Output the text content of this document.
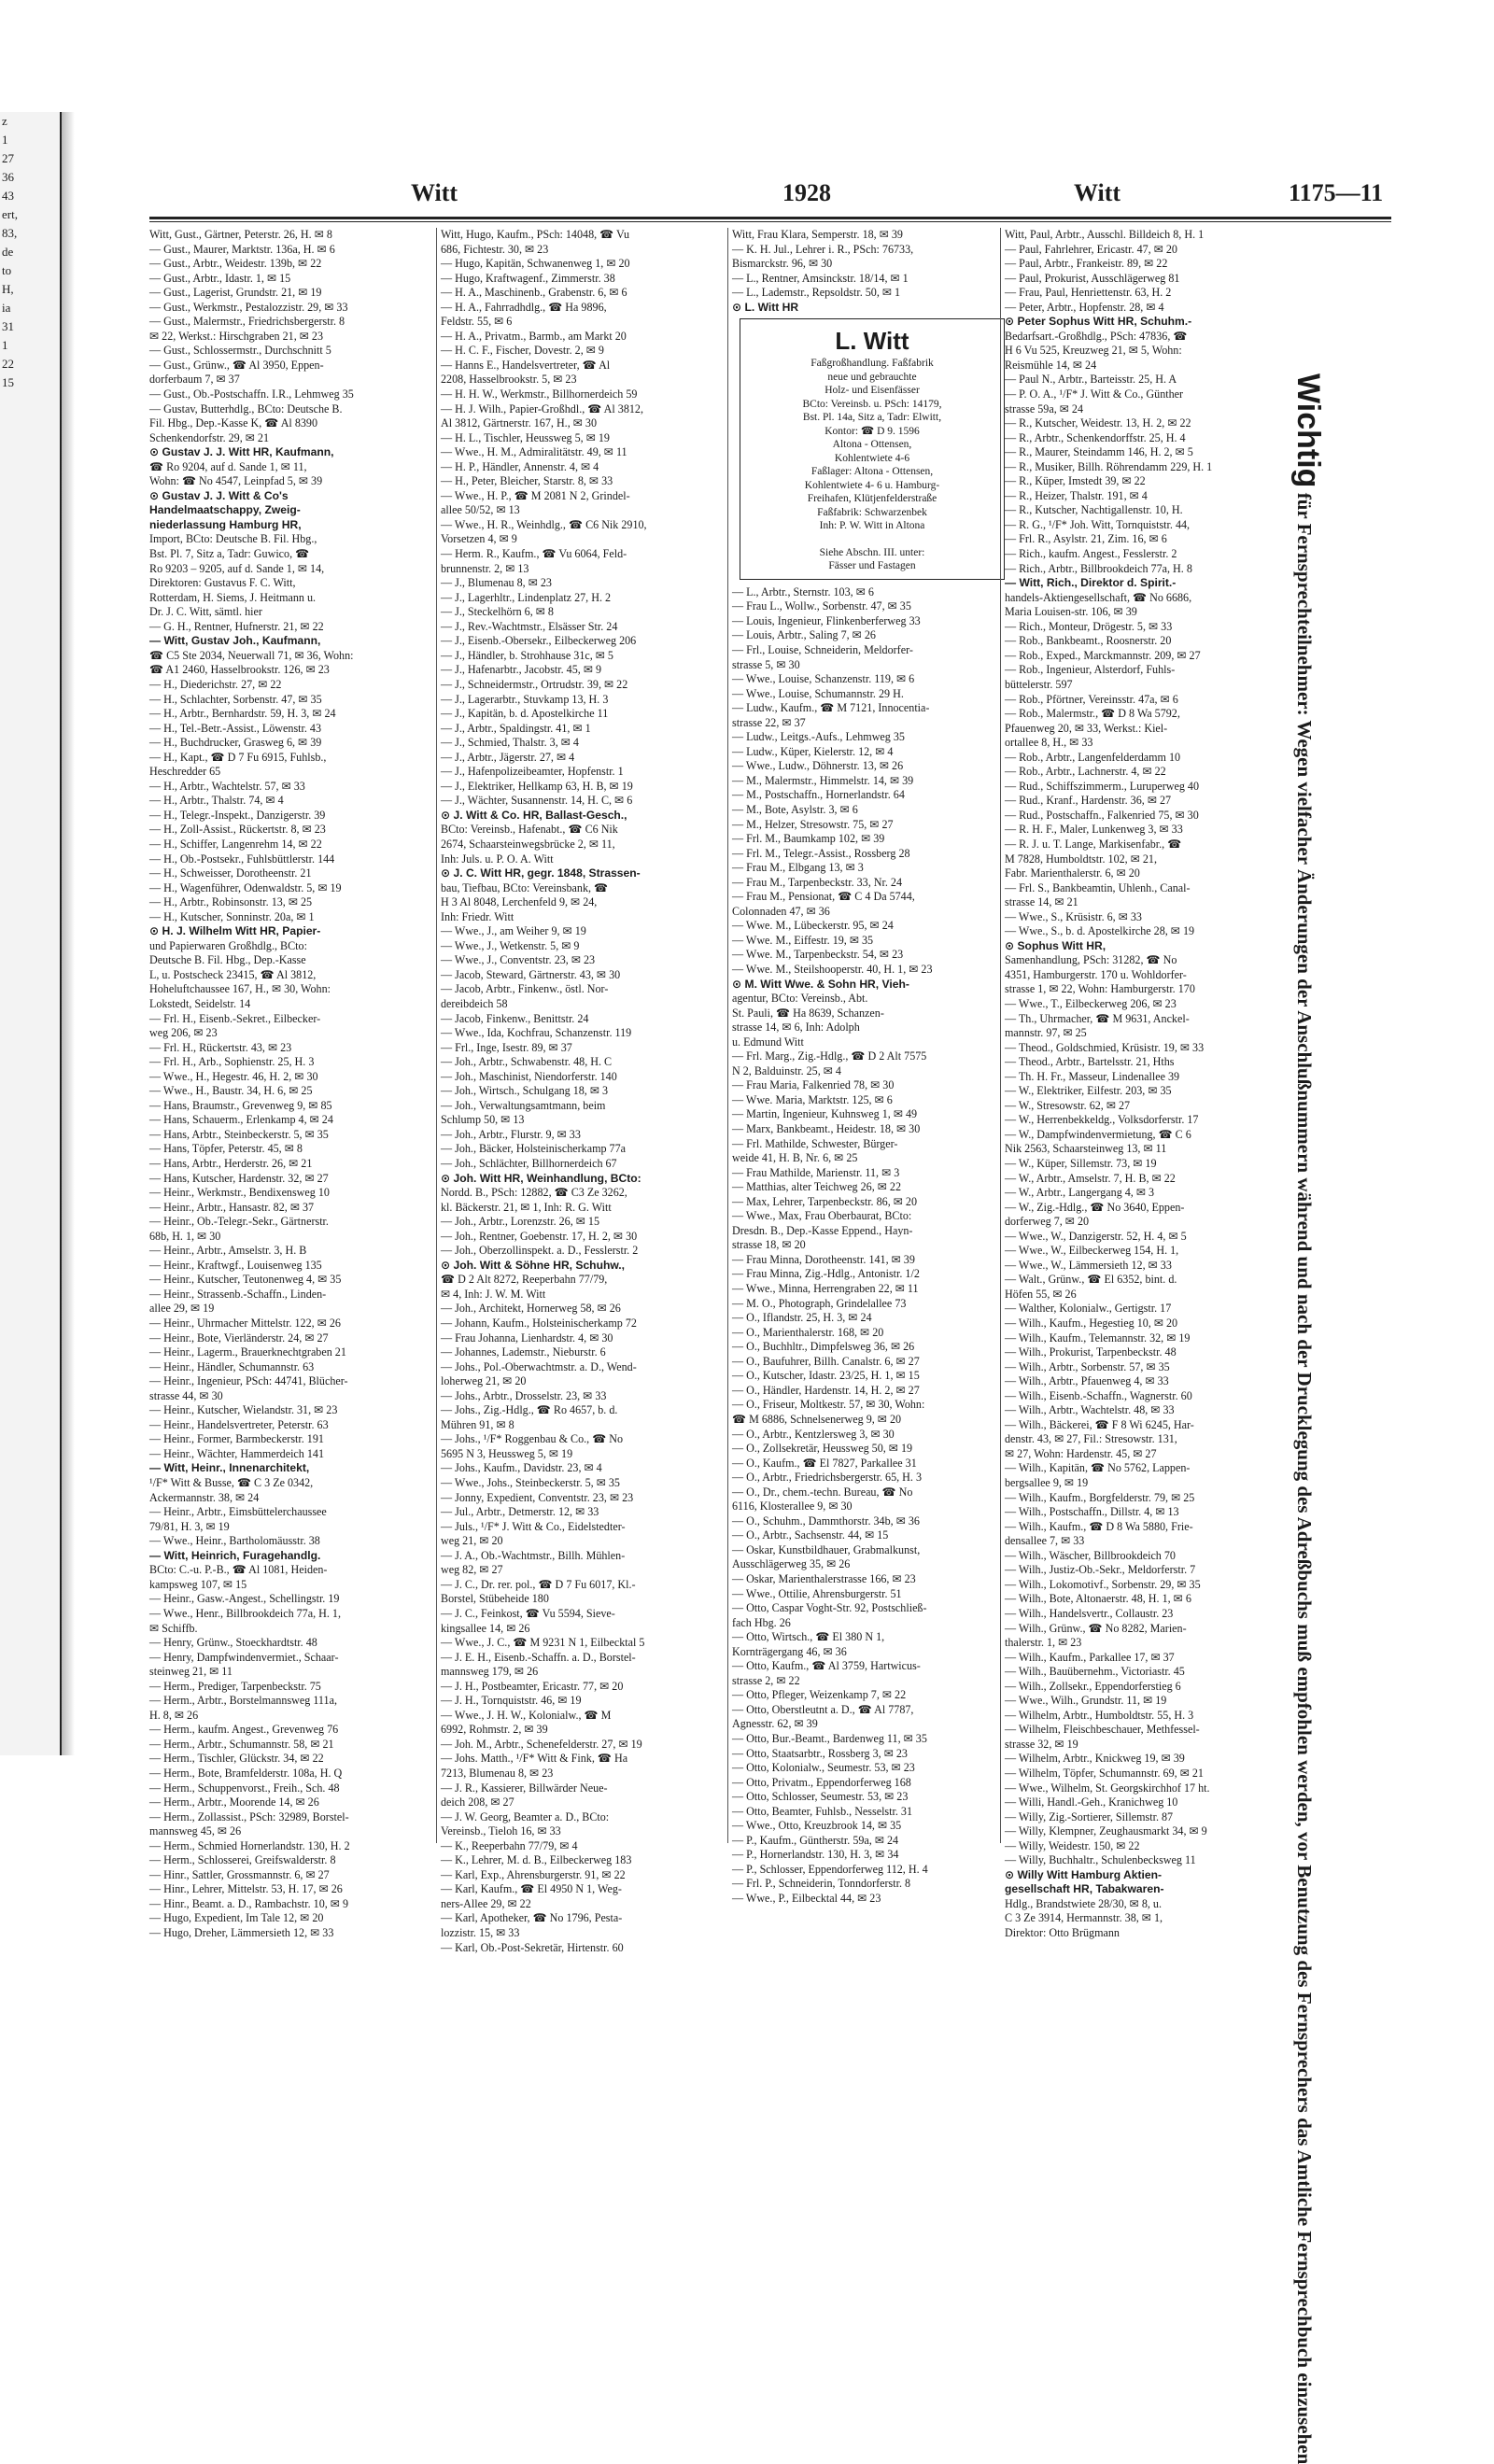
z
1
27
36
43
ert,
83,
de
to
H,
ia
31
1
22
15
Witt	1928	Witt	1175—11
Witt, Gust., Gärtner, Peterstr. 26, H. ✉ 8
— Gust., Maurer, Marktstr. 136a, H. ✉ 6
— Gust., Arbtr., Weidestr. 139b, ✉ 22
— Gust., Arbtr., Idastr. 1, ✉ 15
— Gust., Lagerist, Grundstr. 21, ✉ 19
— Gust., Werkmstr., Pestalozzistr. 29, ✉ 33
— Gust., Malermstr., Friedrichsbergerstr. 8
✉ 22, Werkst.: Hirschgraben 21, ✉ 23
— Gust., Schlossermstr., Durchschnitt 5
— Gust., Grünw., ☎ Al 3950, Eppen-
dorferbaum 7, ✉ 37
— Gust., Ob.-Postschaffn. I.R., Lehmweg 35
— Gustav, Butterhdlg., BCto: Deutsche B.
Fil. Hbg., Dep.-Kasse K, ☎ Al 8390
Schenkendorfstr. 29, ✉ 21
⊙ Gustav J. J. Witt HR, Kaufmann,
☎ Ro 9204, auf d. Sande 1, ✉ 11,
Wohn: ☎ No 4547, Leinpfad 5, ✉ 39
⊙ Gustav J. J. Witt & Co's
Handelmaatschappy, Zweig-
niederlassung Hamburg HR,
Import, BCto: Deutsche B. Fil. Hbg.,
Bst. Pl. 7, Sitz a, Tadr: Guwico, ☎
Ro 9203 – 9205, auf d. Sande 1, ✉ 14,
Direktoren: Gustavus F. C. Witt,
Rotterdam, H. Siems, J. Heitmann u.
Dr. J. C. Witt, sämtl. hier
— G. H., Rentner, Hufnerstr. 21, ✉ 22
— Witt, Gustav Joh., Kaufmann,
☎ C5 Ste 2034, Neuerwall 71, ✉ 36, Wohn:
☎ A1 2460, Hasselbrookstr. 126, ✉ 23
— H., Diederichstr. 27, ✉ 22
— H., Schlachter, Sorbenstr. 47, ✉ 35
— H., Arbtr., Bernhardstr. 59, H. 3, ✉ 24
— H., Tel.-Betr.-Assist., Löwenstr. 43
— H., Buchdrucker, Grasweg 6, ✉ 39
— H., Kapt., ☎ D 7 Fu 6915, Fuhlsb.,
Heschredder 65
— H., Arbtr., Wachtelstr. 57, ✉ 33
— H., Arbtr., Thalstr. 74, ✉ 4
— H., Telegr.-Inspekt., Danzigerstr. 39
— H., Zoll-Assist., Rückertstr. 8, ✉ 23
— H., Schiffer, Langenrehm 14, ✉ 22
— H., Ob.-Postsekr., Fuhlsbüttlerstr. 144
— H., Schweisser, Dorotheenstr. 21
— H., Wagenführer, Odenwaldstr. 5, ✉ 19
— H., Arbtr., Robinsonstr. 13, ✉ 25
— H., Kutscher, Sonninstr. 20a, ✉ 1
⊙ H. J. Wilhelm Witt HR, Papier-
und Papierwaren Großhdlg., BCto:
Deutsche B. Fil. Hbg., Dep.-Kasse
L, u. Postscheck 23415, ☎ Al 3812,
Hoheluftchaussee 167, H., ✉ 30, Wohn:
Lokstedt, Seidelstr. 14
— Frl. H., Eisenb.-Sekret., Eilbecker-
weg 206, ✉ 23
— Frl. H., Rückertstr. 43, ✉ 23
— Frl. H., Arb., Sophienstr. 25, H. 3
— Wwe., H., Hegestr. 46, H. 2, ✉ 30
— Wwe., H., Baustr. 34, H. 6, ✉ 25
— Hans, Braumstr., Grevenweg 9, ✉ 85
— Hans, Schauerm., Erlenkamp 4, ✉ 24
— Hans, Arbtr., Steinbeckerstr. 5, ✉ 35
— Hans, Töpfer, Peterstr. 45, ✉ 8
— Hans, Arbtr., Herderstr. 26, ✉ 21
— Hans, Kutscher, Hardenstr. 32, ✉ 27
— Heinr., Werkmstr., Bendixensweg 10
— Heinr., Arbtr., Hansastr. 82, ✉ 37
— Heinr., Ob.-Telegr.-Sekr., Gärtnerstr.
68b, H. 1, ✉ 30
— Heinr., Arbtr., Amselstr. 3, H. B
— Heinr., Kraftwgf., Louisenweg 135
— Heinr., Kutscher, Teutonenweg 4, ✉ 35
— Heinr., Strassenb.-Schaffn., Linden-
allee 29, ✉ 19
— Heinr., Uhrmacher Mittelstr. 122, ✉ 26
— Heinr., Bote, Vierländerstr. 24, ✉ 27
— Heinr., Lagerm., Brauerknechtgraben 21
— Heinr., Händler, Schumannstr. 63
— Heinr., Ingenieur, PSch: 44741, Blücher-
strasse 44, ✉ 30
— Heinr., Kutscher, Wielandstr. 31, ✉ 23
— Heinr., Handelsvertreter, Peterstr. 63
— Heinr., Former, Barmbeckerstr. 191
— Heinr., Wächter, Hammerdeich 141
— Witt, Heinr., Innenarchitekt,
¹/F* Witt & Busse, ☎ C 3 Ze 0342,
Ackermannstr. 38, ✉ 24
— Heinr., Arbtr., Eimsbüttelerchaussee
79/81, H. 3, ✉ 19
— Wwe., Heinr., Bartholomäusstr. 38
— Witt, Heinrich, Furagehandlg.
BCto: C.-u. P.-B., ☎ Al 1081, Heiden-
kampsweg 107, ✉ 15
— Heinr., Gasw.-Angest., Schellingstr. 19
— Wwe., Henr., Billbrookdeich 77a, H. 1,
✉ Schiffb.
— Henry, Grünw., Stoeckhardtstr. 48
— Henry, Dampfwindenvermiet., Schaar-
steinweg 21, ✉ 11
— Herm., Prediger, Tarpenbeckstr. 75
— Herm., Arbtr., Borstelmannsweg 111a,
H. 8, ✉ 26
— Herm., kaufm. Angest., Grevenweg 76
— Herm., Arbtr., Schumannstr. 58, ✉ 21
— Herm., Tischler, Glückstr. 34, ✉ 22
— Herm., Bote, Bramfelderstr. 108a, H. Q
— Herm., Schuppenvorst., Freih., Sch. 48
— Herm., Arbtr., Moorende 14, ✉ 26
— Herm., Zollassist., PSch: 32989, Borstel-
mannsweg 45, ✉ 26
— Herm., Schmied Hornerlandstr. 130, H. 2
— Herm., Schlosserei, Greifswalderstr. 8
— Hinr., Sattler, Grossmannstr. 6, ✉ 27
— Hinr., Lehrer, Mittelstr. 53, H. 17, ✉ 26
— Hinr., Beamt. a. D., Rambachstr. 10, ✉ 9
— Hugo, Expedient, Im Tale 12, ✉ 20
— Hugo, Dreher, Lämmersieth 12, ✉ 33
Witt, Hugo, Kaufm., PSch: 14048, ☎ Vu
686, Fichtestr. 30, ✉ 23
— Hugo, Kapitän, Schwanenweg 1, ✉ 20
— Hugo, Kraftwagenf., Zimmerstr. 38
— H. A., Maschinenb., Grabenstr. 6, ✉ 6
— H. A., Fahrradhdlg., ☎ Ha 9896,
Feldstr. 55, ✉ 6
— H. A., Privatm., Barmb., am Markt 20
— H. C. F., Fischer, Dovestr. 2, ✉ 9
— Hanns E., Handelsvertreter, ☎ Al
2208, Hasselbrookstr. 5, ✉ 23
— H. H. W., Werkmstr., Billhornerdeich 59
— H. J. Wilh., Papier-Großhdl., ☎ Al 3812,
Al 3812, Gärtnerstr. 167, H., ✉ 30
— H. L., Tischler, Heussweg 5, ✉ 19
— Wwe., H. M., Admiralitätstr. 49, ✉ 11
— H. P., Händler, Annenstr. 4, ✉ 4
— H., Peter, Bleicher, Starstr. 8, ✉ 33
— Wwe., H. P., ☎ M 2081 N 2, Grindel-
allee 50/52, ✉ 13
— Wwe., H. R., Weinhdlg., ☎ C6 Nik 2910,
Vorsetzen 4, ✉ 9
— Herm. R., Kaufm., ☎ Vu 6064, Feld-
brunnenstr. 2, ✉ 13
— J., Blumenau 8, ✉ 23
— J., Lagerhltr., Lindenplatz 27, H. 2
— J., Steckelhörn 6, ✉ 8
— J., Rev.-Wachtmstr., Elsässer Str. 24
— J., Eisenb.-Obersekr., Eilbeckerweg 206
— J., Händler, b. Strohhause 31c, ✉ 5
— J., Hafenarbtr., Jacobstr. 45, ✉ 9
— J., Schneidermstr., Ortrudstr. 39, ✉ 22
— J., Lagerarbtr., Stuvkamp 13, H. 3
— J., Kapitän, b. d. Apostelkirche 11
— J., Arbtr., Spaldingstr. 41, ✉ 1
— J., Schmied, Thalstr. 3, ✉ 4
— J., Arbtr., Jägerstr. 27, ✉ 4
— J., Hafenpolizeibeamter, Hopfenstr. 1
— J., Elektriker, Hellkamp 63, H. B, ✉ 19
— J., Wächter, Susannenstr. 14, H. C, ✉ 6
⊙ J. Witt & Co. HR, Ballast-Gesch.,
BCto: Vereinsb., Hafenabt., ☎ C6 Nik
2674, Schaarsteinwegsbrücke 2, ✉ 11,
Inh: Juls. u. P. O. A. Witt
⊙ J. C. Witt HR, gegr. 1848, Strassen-
bau, Tiefbau, BCto: Vereinsbank, ☎
H 3 Al 8048, Lerchenfeld 9, ✉ 24,
Inh: Friedr. Witt
— Wwe., J., am Weiher 9, ✉ 19
— Wwe., J., Wetkenstr. 5, ✉ 9
— Wwe., J., Conventstr. 23, ✉ 23
— Jacob, Steward, Gärtnerstr. 43, ✉ 30
— Jacob, Arbtr., Finkenw., östl. Nor-
dereibdeich 58
— Jacob, Finkenw., Benittstr. 24
— Wwe., Ida, Kochfrau, Schanzenstr. 119
— Frl., Inge, Isestr. 89, ✉ 37
— Joh., Arbtr., Schwabenstr. 48, H. C
— Joh., Maschinist, Niendorferstr. 140
— Joh., Wirtsch., Schulgang 18, ✉ 3
— Joh., Verwaltungsamtmann, beim
Schlump 50, ✉ 13
— Joh., Arbtr., Flurstr. 9, ✉ 33
— Joh., Bäcker, Holsteinischerkamp 77a
— Joh., Schlächter, Billhornerdeich 67
⊙ Joh. Witt HR, Weinhandlung, BCto:
Nordd. B., PSch: 12882, ☎ C3 Ze 3262,
kl. Bäckerstr. 21, ✉ 1, Inh: R. G. Witt
— Joh., Arbtr., Lorenzstr. 26, ✉ 15
— Joh., Rentner, Goebenstr. 17, H. 2, ✉ 30
— Joh., Oberzollinspekt. a. D., Fesslerstr. 2
⊙ Joh. Witt & Söhne HR, Schuhw.,
☎ D 2 Alt 8272, Reeperbahn 77/79,
✉ 4, Inh: J. W. M. Witt
— Joh., Architekt, Hornerweg 58, ✉ 26
— Johann, Kaufm., Holsteinischerkamp 72
— Frau Johanna, Lienhardstr. 4, ✉ 30
— Johannes, Lademstr., Nieburstr. 6
— Johs., Pol.-Oberwachtmstr. a. D., Wend-
loherweg 21, ✉ 20
— Johs., Arbtr., Drosselstr. 23, ✉ 33
— Johs., Zig.-Hdlg., ☎ Ro 4657, b. d.
Mühren 91, ✉ 8
— Johs., ¹/F* Roggenbau & Co., ☎ No
5695 N 3, Heussweg 5, ✉ 19
— Johs., Kaufm., Davidstr. 23, ✉ 4
— Wwe., Johs., Steinbeckerstr. 5, ✉ 35
— Jonny, Expedient, Conventstr. 23, ✉ 23
— Jul., Arbtr., Detmerstr. 12, ✉ 33
— Juls., ¹/F* J. Witt & Co., Eidelstedter-
weg 21, ✉ 20
— J. A., Ob.-Wachtmstr., Billh. Mühlen-
weg 82, ✉ 27
— J. C., Dr. rer. pol., ☎ D 7 Fu 6017, Kl.-
Borstel, Stübeheide 180
— J. C., Feinkost, ☎ Vu 5594, Sieve-
kingsallee 14, ✉ 26
— Wwe., J. C., ☎ M 9231 N 1, Eilbecktal 5
— J. E. H., Eisenb.-Schaffn. a. D., Borstel-
mannsweg 179, ✉ 26
— J. H., Postbeamter, Ericastr. 77, ✉ 20
— J. H., Tornquiststr. 46, ✉ 19
— Wwe., J. H. W., Kolonialw., ☎ M
6992, Rohmstr. 2, ✉ 39
— Joh. M., Arbtr., Schenefelderstr. 27, ✉ 19
— Johs. Matth., ¹/F* Witt & Fink, ☎ Ha
7213, Blumenau 8, ✉ 23
— J. R., Kassierer, Billwärder Neue-
deich 208, ✉ 27
— J. W. Georg, Beamter a. D., BCto:
Vereinsb., Tieloh 16, ✉ 33
— K., Reeperbahn 77/79, ✉ 4
— K., Lehrer, M. d. B., Eilbeckerweg 183
— Karl, Exp., Ahrensburgerstr. 91, ✉ 22
— Karl, Kaufm., ☎ El 4950 N 1, Weg-
ners-Allee 29, ✉ 22
— Karl, Apotheker, ☎ No 1796, Pesta-
lozzistr. 15, ✉ 33
— Karl, Ob.-Post-Sekretär, Hirtenstr. 60
Witt, Frau Klara, Semperstr. 18, ✉ 39
— K. H. Jul., Lehrer i. R., PSch: 76733,
Bismarckstr. 96, ✉ 30
— L., Rentner, Amsinckstr. 18/14, ✉ 1
— L., Lademstr., Repsoldstr. 50, ✉ 1
⊙ L. Witt HR
L. Witt
Faßgroßhandlung. Faßfabrik
neue und gebrauchte
Holz- und Eisenfässer
BCto: Vereinsb. u. PSch: 14179,
Bst. Pl. 14a, Sitz a, Tadr: Elwitt,
Kontor: ☎ D 9. 1596
Altona - Ottensen,
Kohlentwiete 4-6
Faßlager: Altona - Ottensen,
Kohlentwiete 4- 6 u. Hamburg-
Freihafen, Klütjenfelderstraße
Faßfabrik: Schwarzenbek
Inh: P. W. Witt in Altona
Siehe Abschn. III. unter:
Fässer und Fastagen
— L., Arbtr., Sternstr. 103, ✉ 6
— Frau L., Wollw., Sorbenstr. 47, ✉ 35
— Louis, Ingenieur, Flinkenberferweg 33
— Louis, Arbtr., Saling 7, ✉ 26
— Frl., Louise, Schneiderin, Meldorfer-
strasse 5, ✉ 30
— Wwe., Louise, Schanzenstr. 119, ✉ 6
— Wwe., Louise, Schumannstr. 29 H.
— Ludw., Kaufm., ☎ M 7121, Innocentia-
strasse 22, ✉ 37
— Ludw., Leitgs.-Aufs., Lehmweg 35
— Ludw., Küper, Kielerstr. 12, ✉ 4
— Wwe., Ludw., Döhnerstr. 13, ✉ 26
— M., Malermstr., Himmelstr. 14, ✉ 39
— M., Postschaffn., Hornerlandstr. 64
— M., Bote, Asylstr. 3, ✉ 6
— M., Helzer, Stresowstr. 75, ✉ 27
— Frl. M., Baumkamp 102, ✉ 39
— Frl. M., Telegr.-Assist., Rossberg 28
— Frau M., Elbgang 13, ✉ 3
— Frau M., Tarpenbeckstr. 33, Nr. 24
— Frau M., Pensionat, ☎ C 4 Da 5744,
Colonnaden 47, ✉ 36
— Wwe. M., Lübeckerstr. 95, ✉ 24
— Wwe. M., Eiffestr. 19, ✉ 35
— Wwe. M., Tarpenbeckstr. 54, ✉ 23
— Wwe. M., Steilshooperstr. 40, H. 1, ✉ 23
⊙ M. Witt Wwe. & Sohn HR, Vieh-
agentur, BCto: Vereinsb., Abt.
St. Pauli, ☎ Ha 8639, Schanzen-
strasse 14, ✉ 6, Inh: Adolph
u. Edmund Witt
— Frl. Marg., Zig.-Hdlg., ☎ D 2 Alt 7575
N 2, Balduinstr. 25, ✉ 4
— Frau Maria, Falkenried 78, ✉ 30
— Wwe. Maria, Marktstr. 125, ✉ 6
— Martin, Ingenieur, Kuhnsweg 1, ✉ 49
— Marx, Bankbeamt., Heidestr. 18, ✉ 30
— Frl. Mathilde, Schwester, Bürger-
weide 41, H. B, Nr. 6, ✉ 25
— Frau Mathilde, Marienstr. 11, ✉ 3
— Matthias, alter Teichweg 26, ✉ 22
— Max, Lehrer, Tarpenbeckstr. 86, ✉ 20
— Wwe., Max, Frau Oberbaurat, BCto:
Dresdn. B., Dep.-Kasse Eppend., Hayn-
strasse 18, ✉ 20
— Frau Minna, Dorotheenstr. 141, ✉ 39
— Frau Minna, Zig.-Hdlg., Antonistr. 1/2
— Wwe., Minna, Herrengraben 22, ✉ 11
— M. O., Photograph, Grindelallee 73
— O., Iflandstr. 25, H. 3, ✉ 24
— O., Marienthalerstr. 168, ✉ 20
— O., Buchhltr., Dimpfelsweg 36, ✉ 26
— O., Baufuhrer, Billh. Canalstr. 6, ✉ 27
— O., Kutscher, Idastr. 23/25, H. 1, ✉ 15
— O., Händler, Hardenstr. 14, H. 2, ✉ 27
— O., Friseur, Moltkestr. 57, ✉ 30, Wohn:
☎ M 6886, Schnelsenerweg 9, ✉ 20
— O., Arbtr., Kentzlersweg 3, ✉ 30
— O., Zollsekretär, Heussweg 50, ✉ 19
— O., Kaufm., ☎ El 7827, Parkallee 31
— O., Arbtr., Friedrichsbergerstr. 65, H. 3
— O., Dr., chem.-techn. Bureau, ☎ No
6116, Klosterallee 9, ✉ 30
— O., Schuhm., Dammthorstr. 34b, ✉ 36
— O., Arbtr., Sachsenstr. 44, ✉ 15
— Oskar, Kunstbildhauer, Grabmalkunst,
Ausschlägerweg 35, ✉ 26
— Oskar, Marienthalerstrasse 166, ✉ 23
— Wwe., Ottilie, Ahrensburgerstr. 51
— Otto, Caspar Voght-Str. 92, Postschließ-
fach Hbg. 26
— Otto, Wirtsch., ☎ El 380 N 1,
Kornträgergang 46, ✉ 36
— Otto, Kaufm., ☎ Al 3759, Hartwicus-
strasse 2, ✉ 22
— Otto, Pfleger, Weizenkamp 7, ✉ 22
— Otto, Oberstleutnt a. D., ☎ Al 7787,
Agnesstr. 62, ✉ 39
— Otto, Bur.-Beamt., Bardenweg 11, ✉ 35
— Otto, Staatsarbtr., Rossberg 3, ✉ 23
— Otto, Kolonialw., Seumestr. 53, ✉ 23
— Otto, Privatm., Eppendorferweg 168
— Otto, Schlosser, Seumestr. 53, ✉ 23
— Otto, Beamter, Fuhlsb., Nesselstr. 31
— Wwe., Otto, Kreuzbrook 14, ✉ 35
— P., Kaufm., Güntherstr. 59a, ✉ 24
— P., Hornerlandstr. 130, H. 3, ✉ 34
— P., Schlosser, Eppendorferweg 112, H. 4
— Frl. P., Schneiderin, Tonndorferstr. 8
— Wwe., P., Eilbecktal 44, ✉ 23
Witt, Paul, Arbtr., Ausschl. Billdeich 8, H. 1
— Paul, Fahrlehrer, Ericastr. 47, ✉ 20
— Paul, Arbtr., Frankeistr. 89, ✉ 22
— Paul, Prokurist, Ausschlägerweg 81
— Frau, Paul, Henriettenstr. 63, H. 2
— Peter, Arbtr., Hopfenstr. 28, ✉ 4
⊙ Peter Sophus Witt HR, Schuhm.-
Bedarfsart.-Großhdlg., PSch: 47836, ☎
H 6 Vu 525, Kreuzweg 21, ✉ 5, Wohn:
Reismühle 14, ✉ 24
— Paul N., Arbtr., Barteisstr. 25, H. A
— P. O. A., ¹/F* J. Witt & Co., Günther
strasse 59a, ✉ 24
— R., Kutscher, Weidestr. 13, H. 2, ✉ 22
— R., Arbtr., Schenkendorffstr. 25, H. 4
— R., Maurer, Steindamm 146, H. 2, ✉ 5
— R., Musiker, Billh. Röhrendamm 229, H. 1
— R., Küper, Imstedt 39, ✉ 22
— R., Heizer, Thalstr. 191, ✉ 4
— R., Kutscher, Nachtigallenstr. 10, H.
— R. G., ¹/F* Joh. Witt, Tornquiststr. 44,
— Frl. R., Asylstr. 21, Zim. 16, ✉ 6
— Rich., kaufm. Angest., Fesslerstr. 2
— Rich., Arbtr., Billbrookdeich 77a, H. 8
— Witt, Rich., Direktor d. Spirit.-
handels-Aktiengesellschaft, ☎ No 6686,
Maria Louisen-str. 106, ✉ 39
— Rich., Monteur, Drögestr. 5, ✉ 33
— Rob., Bankbeamt., Roosnerstr. 20
— Rob., Exped., Marckmannstr. 209, ✉ 27
— Rob., Ingenieur, Alsterdorf, Fuhls-
büttelerstr. 597
— Rob., Pförtner, Vereinsstr. 47a, ✉ 6
— Rob., Malermstr., ☎ D 8 Wa 5792,
Pfauenweg 20, ✉ 33, Werkst.: Kiel-
ortallee 8, H., ✉ 33
— Rob., Arbtr., Langenfelderdamm 10
— Rob., Arbtr., Lachnerstr. 4, ✉ 22
— Rud., Schiffszimmerm., Luruperweg 40
— Rud., Kranf., Hardenstr. 36, ✉ 27
— Rud., Postschaffn., Falkenried 75, ✉ 30
— R. H. F., Maler, Lunkenweg 3, ✉ 33
— R. J. u. T. Lange, Markisenfabr., ☎
M 7828, Humboldtstr. 102, ✉ 21,
Fabr. Marienthalerstr. 6, ✉ 20
— Frl. S., Bankbeamtin, Uhlenh., Canal-
strasse 14, ✉ 21
— Wwe., S., Krüsistr. 6, ✉ 33
— Wwe., S., b. d. Apostelkirche 28, ✉ 19
⊙ Sophus Witt HR,
Samenhandlung, PSch: 31282, ☎ No
4351, Hamburgerstr. 170 u. Wohldorfer-
strasse 1, ✉ 22, Wohn: Hamburgerstr. 170
— Wwe., T., Eilbeckerweg 206, ✉ 23
— Th., Uhrmacher, ☎ M 9631, Anckel-
mannstr. 97, ✉ 25
— Theod., Goldschmied, Krüsistr. 19, ✉ 33
— Theod., Arbtr., Bartelsstr. 21, Hths
— Th. H. Fr., Masseur, Lindenallee 39
— W., Elektriker, Eilfestr. 203, ✉ 35
— W., Stresowstr. 62, ✉ 27
— W., Herrenbekkeldg., Volksdorferstr. 17
— W., Dampfwindenvermietung, ☎ C 6
Nik 2563, Schaarsteinweg 13, ✉ 11
— W., Küper, Sillemstr. 73, ✉ 19
— W., Arbtr., Amselstr. 7, H. B, ✉ 22
— W., Arbtr., Langergang 4, ✉ 3
— W., Zig.-Hdlg., ☎ No 3640, Eppen-
dorferweg 7, ✉ 20
— Wwe., W., Danzigerstr. 52, H. 4, ✉ 5
— Wwe., W., Eilbeckerweg 154, H. 1,
— Wwe., W., Lämmersieth 12, ✉ 33
— Walt., Grünw., ☎ El 6352, bint. d.
Höfen 55, ✉ 26
— Walther, Kolonialw., Gertigstr. 17
— Wilh., Kaufm., Hegestieg 10, ✉ 20
— Wilh., Kaufm., Telemannstr. 32, ✉ 19
— Wilh., Prokurist, Tarpenbeckstr. 48
— Wilh., Arbtr., Sorbenstr. 57, ✉ 35
— Wilh., Arbtr., Pfauenweg 4, ✉ 33
— Wilh., Eisenb.-Schaffn., Wagnerstr. 60
— Wilh., Arbtr., Wachtelstr. 48, ✉ 33
— Wilh., Bäckerei, ☎ F 8 Wi 6245, Har-
denstr. 43, ✉ 27, Fil.: Stresowstr. 131,
✉ 27, Wohn: Hardenstr. 45, ✉ 27
— Wilh., Kapitän, ☎ No 5762, Lappen-
bergsallee 9, ✉ 19
— Wilh., Kaufm., Borgfelderstr. 79, ✉ 25
— Wilh., Postschaffn., Dillstr. 4, ✉ 13
— Wilh., Kaufm., ☎ D 8 Wa 5880, Frie-
densallee 7, ✉ 33
— Wilh., Wäscher, Billbrookdeich 70
— Wilh., Justiz-Ob.-Sekr., Meldorferstr. 7
— Wilh., Lokomotivf., Sorbenstr. 29, ✉ 35
— Wilh., Bote, Altonaerstr. 48, H. 1, ✉ 6
— Wilh., Handelsvertr., Collaustr. 23
— Wilh., Grünw., ☎ No 8282, Marien-
thalerstr. 1, ✉ 23
— Wilh., Kaufm., Parkallee 17, ✉ 37
— Wilh., Bauübernehm., Victoriastr. 45
— Wilh., Zollsekr., Eppendorferstieg 6
— Wwe., Wilh., Grundstr. 11, ✉ 19
— Wilhelm, Arbtr., Humboldtstr. 55, H. 3
— Wilhelm, Fleischbeschauer, Methfessel-
strasse 32, ✉ 19
— Wilhelm, Arbtr., Knickweg 19, ✉ 39
— Wilhelm, Töpfer, Schumannstr. 69, ✉ 21
— Wwe., Wilhelm, St. Georgskirchhof 17 ht.
— Willi, Handl.-Geh., Kranichweg 10
— Willy, Zig.-Sortierer, Sillemstr. 87
— Willy, Klempner, Zeughausmarkt 34, ✉ 9
— Willy, Weidestr. 150, ✉ 22
— Willy, Buchhaltr., Schulenbecksweg 11
⊙ Willy Witt Hamburg Aktien-
gesellschaft HR, Tabakwaren-
Hdlg., Brandstwiete 28/30, ✉ 8, u.
C 3 Ze 3914, Hermannstr. 38, ✉ 1,
Direktor: Otto Brügmann
Wichtig für Fernsprechteilnehmer: Wegen vielfacher Änderungen der Anschlußnummern während und nach der Drucklegung des Adreßbuchs muß empfohlen werden, vor Benutzung des Fernsprechers das Amtliche Fernsprechbuch einzusehen
